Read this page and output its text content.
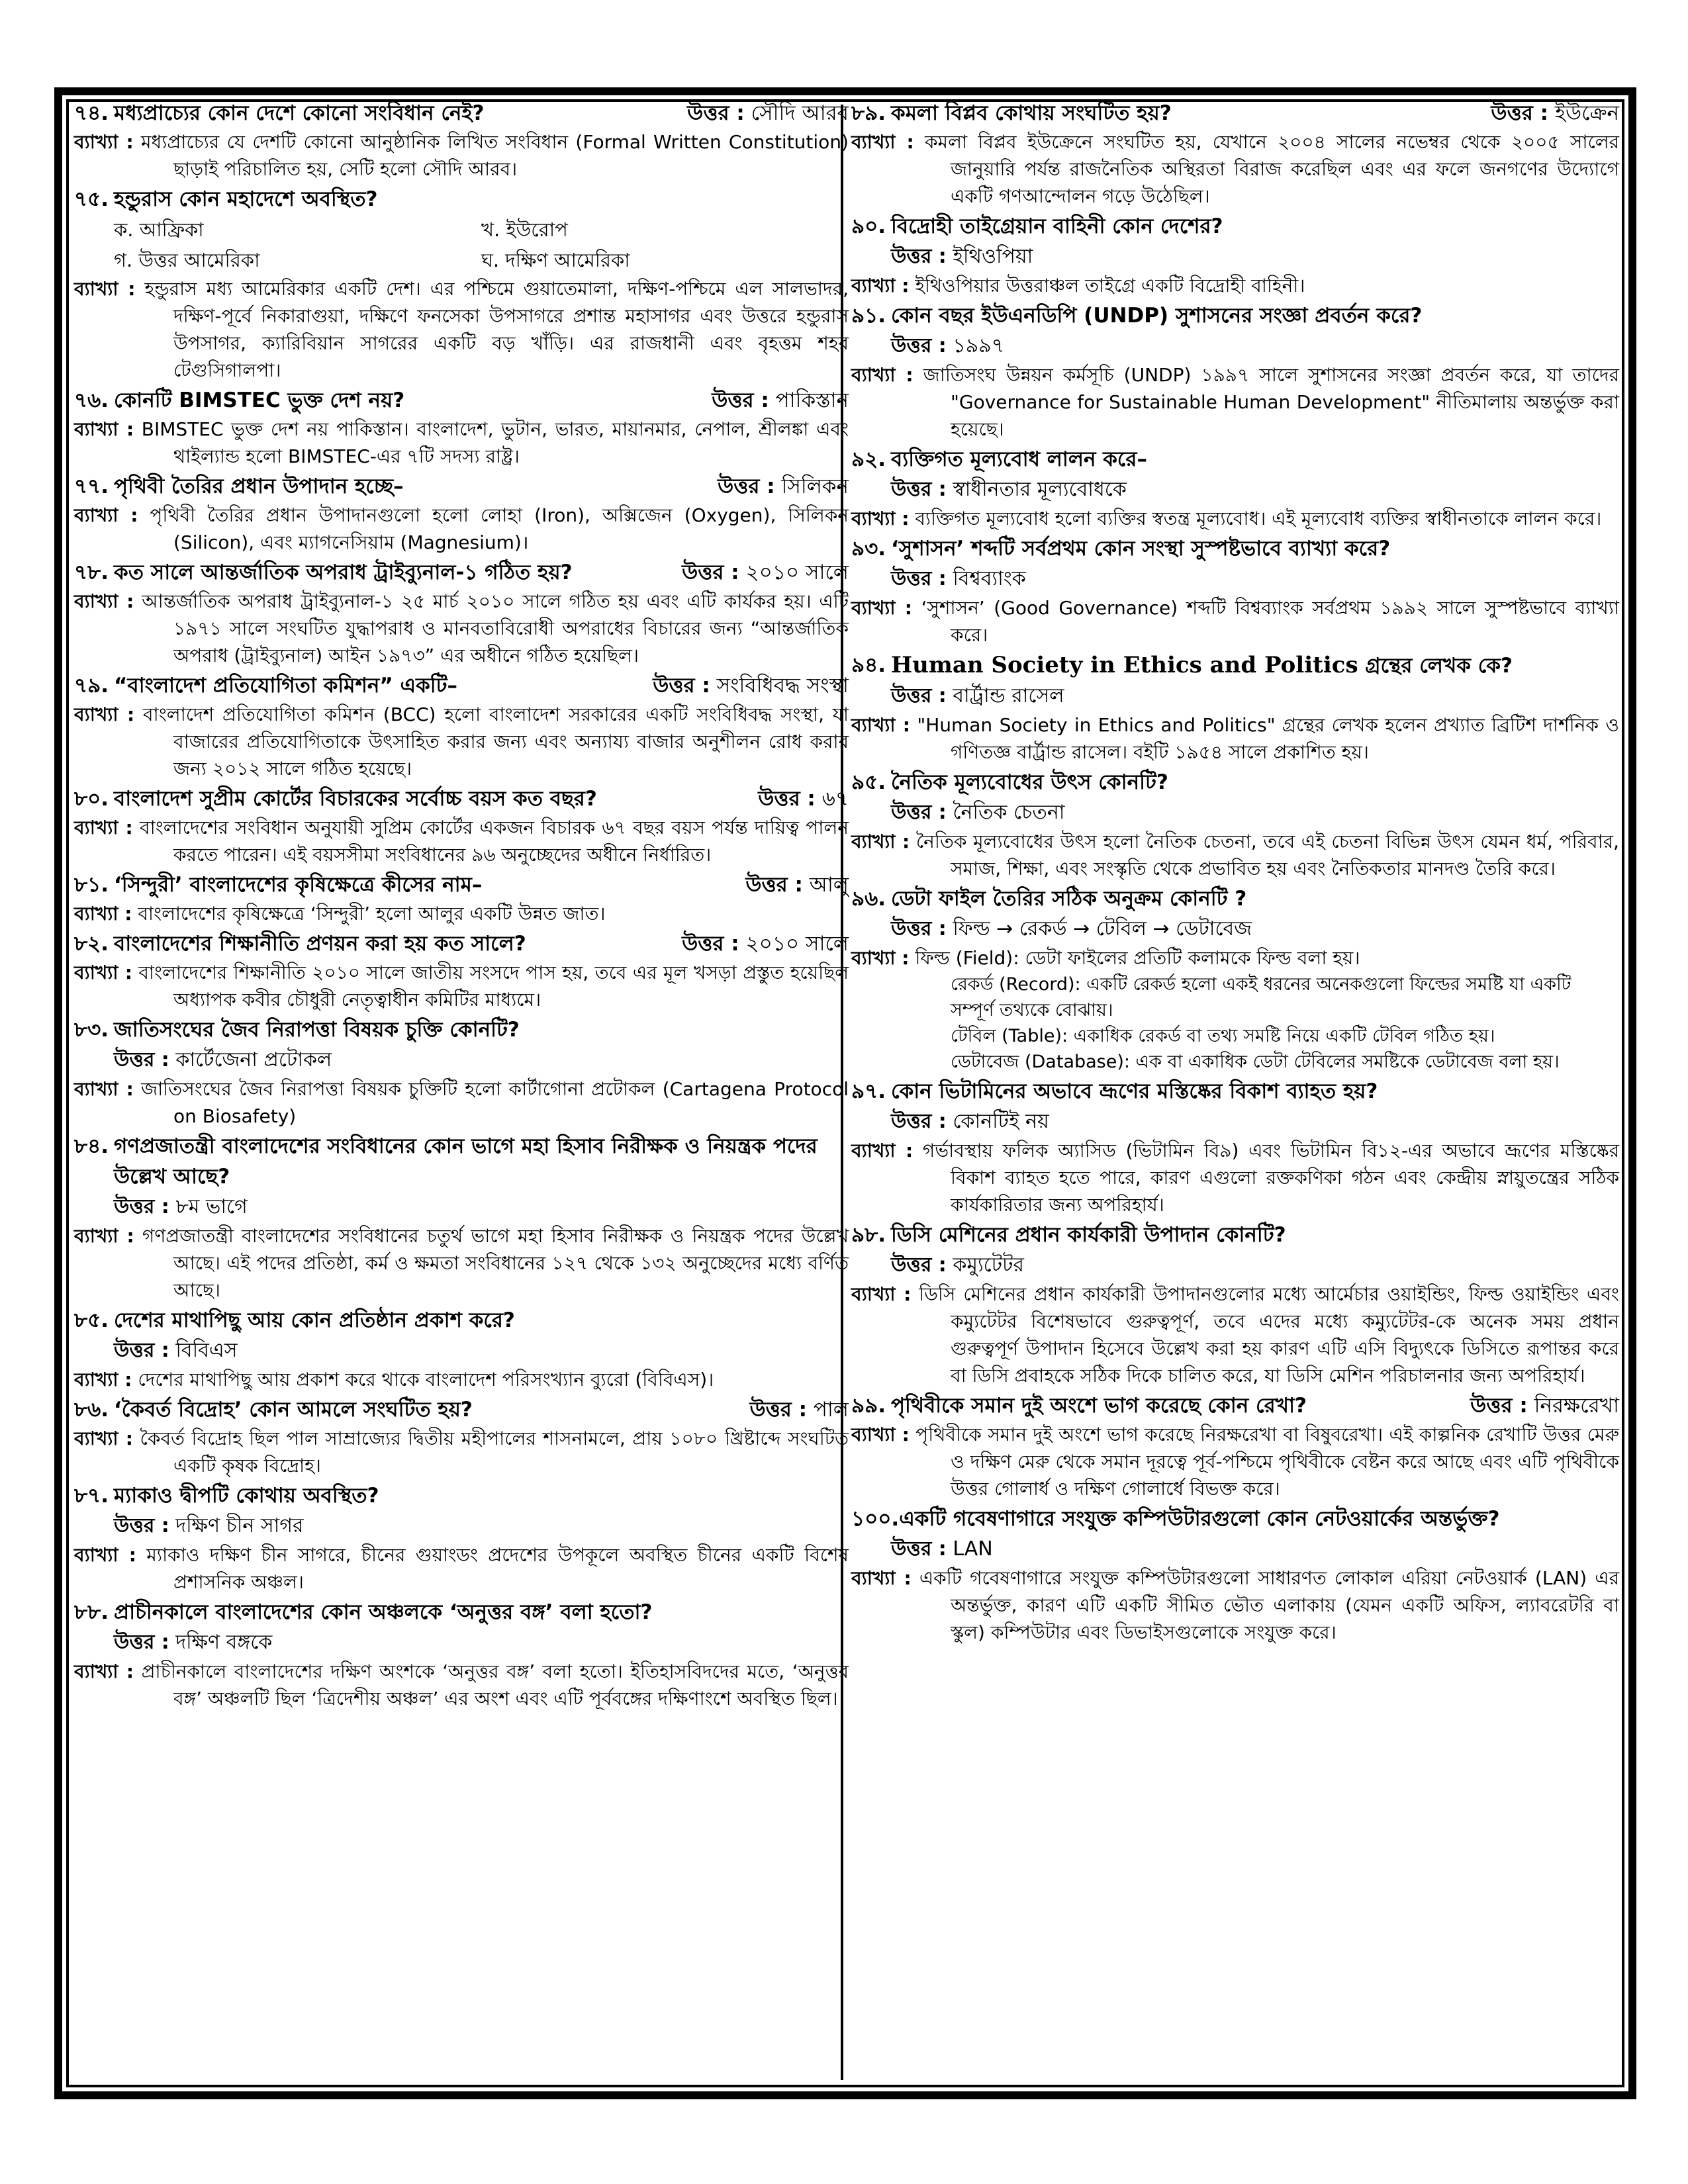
৭৪. মধ্যপ্রাচ্যের কোন দেশে কোনো সংবিধান নেই?	উত্তর : সৌদি আরব
ব্যাখ্যা : মধ্যপ্রাচ্যের যে দেশটি কোনো আনুষ্ঠানিক লিখিত সংবিধান (Formal Written Constitution) ছাড়াই পরিচালিত হয়, সেটি হলো সৌদি আরব।
৭৫. হন্ডুরাস কোন মহাদেশে অবস্থিত?
ক. আফ্রিকা	খ. ইউরোপ
গ. উত্তর আমেরিকা	ঘ. দক্ষিণ আমেরিকা
ব্যাখ্যা : হন্ডুরাস মধ্য আমেরিকার একটি দেশ। এর পশ্চিমে গুয়াতেমালা, দক্ষিণ-পশ্চিমে এল সালভাদর, দক্ষিণ-পূর্বে নিকারাগুয়া, দক্ষিণে ফনসেকা উপসাগরে প্রশান্ত মহাসাগর এবং উত্তরে হন্ডুরাস উপসাগর, ক্যারিবিয়ান সাগরের একটি বড় খাঁড়ি। এর রাজধানী এবং বৃহত্তম শহর টেগুসিগালপা।
৭৬. কোনটি BIMSTEC ভুক্ত দেশ নয়?	উত্তর : পাকিস্তান
ব্যাখ্যা : BIMSTEC ভুক্ত দেশ নয় পাকিস্তান। বাংলাদেশ, ভুটান, ভারত, মায়ানমার, নেপাল, শ্রীলঙ্কা এবং থাইল্যান্ড হলো BIMSTEC-এর ৭টি সদস্য রাষ্ট্র।
৭৭. পৃথিবী তৈরির প্রধান উপাদান হচ্ছে–	উত্তর : সিলিকন
ব্যাখ্যা : পৃথিবী তৈরির প্রধান উপাদানগুলো হলো লোহা (Iron), অক্সিজেন (Oxygen), সিলিকন (Silicon), এবং ম্যাগনেসিয়াম (Magnesium)।
৭৮. কত সালে আন্তর্জাতিক অপরাধ ট্রাইব্যুনাল-১ গঠিত হয়?	উত্তর : ২০১০ সালে
ব্যাখ্যা : আন্তর্জাতিক অপরাধ ট্রাইব্যুনাল-১ ২৫ মার্চ ২০১০ সালে গঠিত হয় এবং এটি কার্যকর হয়। এটি ১৯৭১ সালে সংঘটিত যুদ্ধাপরাধ ও মানবতাবিরোধী অপরাধের বিচারের জন্য “আন্তর্জাতিক অপরাধ (ট্রাইব্যুনাল) আইন ১৯৭৩” এর অধীনে গঠিত হয়েছিল।
৭৯. “বাংলাদেশ প্রতিযোগিতা কমিশন” একটি–	উত্তর : সংবিধিবদ্ধ সংস্থা
ব্যাখ্যা : বাংলাদেশ প্রতিযোগিতা কমিশন (BCC) হলো বাংলাদেশ সরকারের একটি সংবিধিবদ্ধ সংস্থা, যা বাজারের প্রতিযোগিতাকে উৎসাহিত করার জন্য এবং অন্যায্য বাজার অনুশীলন রোধ করার জন্য ২০১২ সালে গঠিত হয়েছে।
৮০. বাংলাদেশ সুপ্রীম কোর্টের বিচারকের সর্বোচ্চ বয়স কত বছর?	উত্তর : ৬৭
ব্যাখ্যা : বাংলাদেশের সংবিধান অনুযায়ী সুপ্রিম কোর্টের একজন বিচারক ৬৭ বছর বয়স পর্যন্ত দায়িত্ব পালন করতে পারেন। এই বয়সসীমা সংবিধানের ৯৬ অনুচ্ছেদের অধীনে নির্ধারিত।
৮১. ‘সিন্দুরী’ বাংলাদেশের কৃষিক্ষেত্রে কীসের নাম–	উত্তর : আলু
ব্যাখ্যা : বাংলাদেশের কৃষিক্ষেত্রে ‘সিন্দুরী’ হলো আলুর একটি উন্নত জাত।
৮২. বাংলাদেশের শিক্ষানীতি প্রণয়ন করা হয় কত সালে?	উত্তর : ২০১০ সালে
ব্যাখ্যা : বাংলাদেশের শিক্ষানীতি ২০১০ সালে জাতীয় সংসদে পাস হয়, তবে এর মূল খসড়া প্রস্তুত হয়েছিল অধ্যাপক কবীর চৌধুরী নেতৃত্বাধীন কমিটির মাধ্যমে।
৮৩. জাতিসংঘের জৈব নিরাপত্তা বিষয়ক চুক্তি কোনটি?
উত্তর : কার্টেজেনা প্রটোকল
ব্যাখ্যা : জাতিসংঘের জৈব নিরাপত্তা বিষয়ক চুক্তিটি হলো কার্টাগোনা প্রটোকল (Cartagena Protocol on Biosafety)
৮৪. গণপ্রজাতন্ত্রী বাংলাদেশের সংবিধানের কোন ভাগে মহা হিসাব নিরীক্ষক ও নিয়ন্ত্রক পদের উল্লেখ আছে?
উত্তর : ৮ম ভাগে
ব্যাখ্যা : গণপ্রজাতন্ত্রী বাংলাদেশের সংবিধানের চতুর্থ ভাগে মহা হিসাব নিরীক্ষক ও নিয়ন্ত্রক পদের উল্লেখ আছে। এই পদের প্রতিষ্ঠা, কর্ম ও ক্ষমতা সংবিধানের ১২৭ থেকে ১৩২ অনুচ্ছেদের মধ্যে বর্ণিত আছে।
৮৫. দেশের মাথাপিছু আয় কোন প্রতিষ্ঠান প্রকাশ করে?
উত্তর : বিবিএস
ব্যাখ্যা : দেশের মাথাপিছু আয় প্রকাশ করে থাকে বাংলাদেশ পরিসংখ্যান ব্যুরো (বিবিএস)।
৮৬. ‘কৈবর্ত বিদ্রোহ’ কোন আমলে সংঘটিত হয়?	উত্তর : পাল
ব্যাখ্যা : কৈবর্ত বিদ্রোহ ছিল পাল সাম্রাজ্যের দ্বিতীয় মহীপালের শাসনামলে, প্রায় ১০৮০ খ্রিষ্টাব্দে সংঘটিত একটি কৃষক বিদ্রোহ।
৮৭. ম্যাকাও দ্বীপটি কোথায় অবস্থিত?
উত্তর : দক্ষিণ চীন সাগর
ব্যাখ্যা : ম্যাকাও দক্ষিণ চীন সাগরে, চীনের গুয়াংডং প্রদেশের উপকূলে অবস্থিত চীনের একটি বিশেষ প্রশাসনিক অঞ্চল।
৮৮. প্রাচীনকালে বাংলাদেশের কোন অঞ্চলকে ‘অনুত্তর বঙ্গ’ বলা হতো?
উত্তর : দক্ষিণ বঙ্গকে
ব্যাখ্যা : প্রাচীনকালে বাংলাদেশের দক্ষিণ অংশকে ‘অনুত্তর বঙ্গ’ বলা হতো। ইতিহাসবিদদের মতে, ‘অনুত্তর বঙ্গ’ অঞ্চলটি ছিল ‘ত্রিদেশীয় অঞ্চল’ এর অংশ এবং এটি পূর্ববঙ্গের দক্ষিণাংশে অবস্থিত ছিল।
৮৯. কমলা বিপ্লব কোথায় সংঘটিত হয়?	উত্তর : ইউক্রেন
ব্যাখ্যা : কমলা বিপ্লব ইউক্রেনে সংঘটিত হয়, যেখানে ২০০৪ সালের নভেম্বর থেকে ২০০৫ সালের জানুয়ারি পর্যন্ত রাজনৈতিক অস্থিরতা বিরাজ করেছিল এবং এর ফলে জনগণের উদ্যোগে একটি গণআন্দোলন গড়ে উঠেছিল।
৯০. বিদ্রোহী তাইগ্রেয়ান বাহিনী কোন দেশের?
উত্তর : ইথিওপিয়া
ব্যাখ্যা : ইথিওপিয়ার উত্তরাঞ্চল তাইগ্রে একটি বিদ্রোহী বাহিনী।
৯১. কোন বছর ইউএনডিপি (UNDP) সুশাসনের সংজ্ঞা প্রবর্তন করে?
উত্তর : ১৯৯৭
ব্যাখ্যা : জাতিসংঘ উন্নয়ন কর্মসূচি (UNDP) ১৯৯৭ সালে সুশাসনের সংজ্ঞা প্রবর্তন করে, যা তাদের "Governance for Sustainable Human Development" নীতিমালায় অন্তর্ভুক্ত করা হয়েছে।
৯২. ব্যক্তিগত মূল্যবোধ লালন করে–
উত্তর : স্বাধীনতার মূল্যবোধকে
ব্যাখ্যা : ব্যক্তিগত মূল্যবোধ হলো ব্যক্তির স্বতন্ত্র মূল্যবোধ। এই মূল্যবোধ ব্যক্তির স্বাধীনতাকে লালন করে।
৯৩. ‘সুশাসন’ শব্দটি সর্বপ্রথম কোন সংস্থা সুস্পষ্টভাবে ব্যাখ্যা করে?
উত্তর : বিশ্বব্যাংক
ব্যাখ্যা : ‘সুশাসন’ (Good Governance) শব্দটি বিশ্বব্যাংক সর্বপ্রথম ১৯৯২ সালে সুস্পষ্টভাবে ব্যাখ্যা করে।
৯৪. Human Society in Ethics and Politics গ্রন্থের লেখক কে?
উত্তর : বার্ট্রান্ড রাসেল
ব্যাখ্যা : "Human Society in Ethics and Politics" গ্রন্থের লেখক হলেন প্রখ্যাত ব্রিটিশ দার্শনিক ও গণিতজ্ঞ বার্ট্রান্ড রাসেল। বইটি ১৯৫৪ সালে প্রকাশিত হয়।
৯৫. নৈতিক মূল্যবোধের উৎস কোনটি?
উত্তর : নৈতিক চেতনা
ব্যাখ্যা : নৈতিক মূল্যবোধের উৎস হলো নৈতিক চেতনা, তবে এই চেতনা বিভিন্ন উৎস যেমন ধর্ম, পরিবার, সমাজ, শিক্ষা, এবং সংস্কৃতি থেকে প্রভাবিত হয় এবং নৈতিকতার মানদণ্ড তৈরি করে।
৯৬. ডেটা ফাইল তৈরির সঠিক অনুক্রম কোনটি ?
উত্তর : ফিল্ড → রেকর্ড → টেবিল → ডেটাবেজ
ব্যাখ্যা : ফিল্ড (Field): ডেটা ফাইলের প্রতিটি কলামকে ফিল্ড বলা হয়।
রেকর্ড (Record): একটি রেকর্ড হলো একই ধরনের অনেকগুলো ফিল্ডের সমষ্টি যা একটি সম্পূর্ণ তথ্যকে বোঝায়।
টেবিল (Table): একাধিক রেকর্ড বা তথ্য সমষ্টি নিয়ে একটি টেবিল গঠিত হয়।
ডেটাবেজ (Database): এক বা একাধিক ডেটা টেবিলের সমষ্টিকে ডেটাবেজ বলা হয়।
৯৭. কোন ভিটামিনের অভাবে ভ্রূণের মস্তিষ্কের বিকাশ ব্যাহত হয়?
উত্তর : কোনটিই নয়
ব্যাখ্যা : গর্ভাবস্থায় ফলিক অ্যাসিড (ভিটামিন বি৯) এবং ভিটামিন বি১২-এর অভাবে ভ্রূণের মস্তিষ্কের বিকাশ ব্যাহত হতে পারে, কারণ এগুলো রক্তকণিকা গঠন এবং কেন্দ্রীয় স্নায়ুতন্ত্রের সঠিক কার্যকারিতার জন্য অপরিহার্য।
৯৮. ডিসি মেশিনের প্রধান কার্যকারী উপাদান কোনটি?
উত্তর : কম্যুটেটর
ব্যাখ্যা : ডিসি মেশিনের প্রধান কার্যকারী উপাদানগুলোর মধ্যে আর্মেচার ওয়াইন্ডিং, ফিল্ড ওয়াইন্ডিং এবং কম্যুটেটর বিশেষভাবে গুরুত্বপূর্ণ, তবে এদের মধ্যে কম্যুটেটর-কে অনেক সময় প্রধান গুরুত্বপূর্ণ উপাদান হিসেবে উল্লেখ করা হয় কারণ এটি এসি বিদ্যুৎকে ডিসিতে রূপান্তর করে বা ডিসি প্রবাহকে সঠিক দিকে চালিত করে, যা ডিসি মেশিন পরিচালনার জন্য অপরিহার্য।
৯৯. পৃথিবীকে সমান দুই অংশে ভাগ করেছে কোন রেখা?	উত্তর : নিরক্ষরেখা
ব্যাখ্যা : পৃথিবীকে সমান দুই অংশে ভাগ করেছে নিরক্ষরেখা বা বিষুবরেখা। এই কাল্পনিক রেখাটি উত্তর মেরু ও দক্ষিণ মেরু থেকে সমান দূরত্বে পূর্ব-পশ্চিমে পৃথিবীকে বেষ্টন করে আছে এবং এটি পৃথিবীকে উত্তর গোলার্ধ ও দক্ষিণ গোলার্ধে বিভক্ত করে।
১০০. একটি গবেষণাগারে সংযুক্ত কম্পিউটারগুলো কোন নেটওয়ার্কের অন্তর্ভুক্ত?
উত্তর : LAN
ব্যাখ্যা : একটি গবেষণাগারে সংযুক্ত কম্পিউটারগুলো সাধারণত লোকাল এরিয়া নেটওয়ার্ক (LAN) এর অন্তর্ভুক্ত, কারণ এটি একটি সীমিত ভৌত এলাকায় (যেমন একটি অফিস, ল্যাবরেটরি বা স্কুল) কম্পিউটার এবং ডিভাইসগুলোকে সংযুক্ত করে।
